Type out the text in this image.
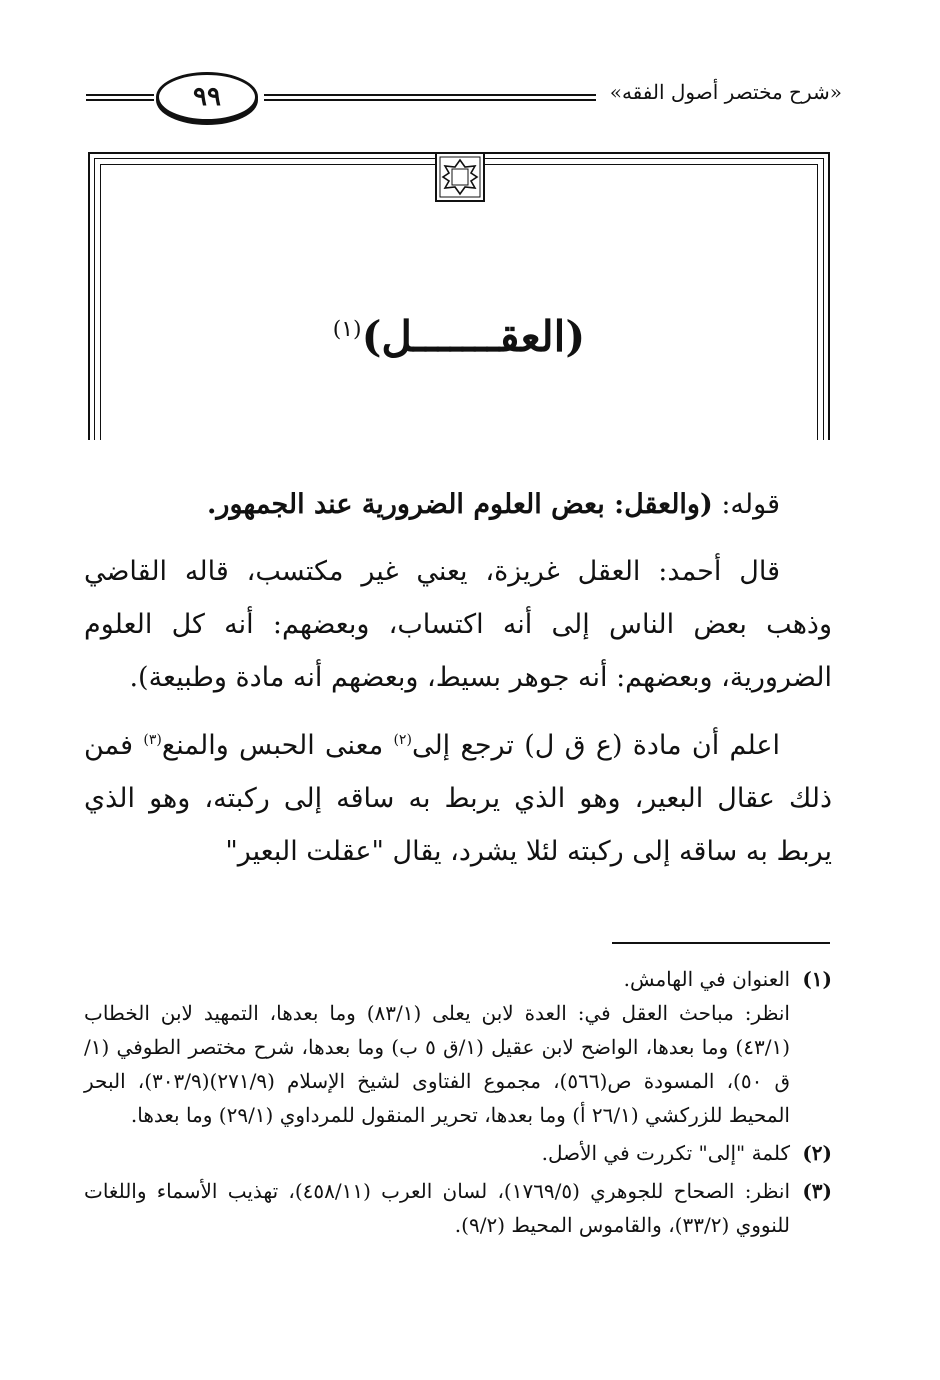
«شرح مختصر أصول الفقه»
٩٩
(العقـــــــل)$^{(١)}$

قوله: (والعقل: بعض العلوم الضرورية عند الجمهور.

قال أحمد: العقل غريزة، يعني غير مكتسب، قاله القاضي وذهب بعض الناس إلى أنه اكتساب، وبعضهم: أنه كل العلوم الضرورية، وبعضهم: أنه جوهر بسيط، وبعضهم أنه مادة وطبيعة).

اعلم أن مادة (ع ق ل) ترجع إلى$^{(٢)}$ معنى الحبس والمنع$^{(٣)}$ فمن ذلك عقال البعير، وهو الذي يربط به ساقه إلى ركبته، وهو الذي يربط به ساقه إلى ركبته لئلا يشرد، يقال "عقلت البعير"

(١)

العنوان في الهامش.

انظر: مباحث العقل في: العدة لابن يعلى (٨٣/١) وما بعدها، التمهيد لابن الخطاب (٤٣/١) وما بعدها، الواضح لابن عقيل (١/ق ٥ ب) وما بعدها، شرح مختصر الطوفي (١/ق ٥٠)، المسودة ص(٥٦٦)، مجموع الفتاوى لشيخ الإسلام (٢٧١/٩)(٣٠٣/٩)، البحر المحيط للزركشي (٢٦/١ أ) وما بعدها، تحرير المنقول للمرداوي (٢٩/١) وما بعدها.

(٢)

كلمة "إلى" تكررت في الأصل.

(٣)

انظر: الصحاح للجوهري (١٧٦٩/٥)، لسان العرب (٤٥٨/١١)، تهذيب الأسماء واللغات للنووي (٣٣/٢)، والقاموس المحيط (٩/٢).
